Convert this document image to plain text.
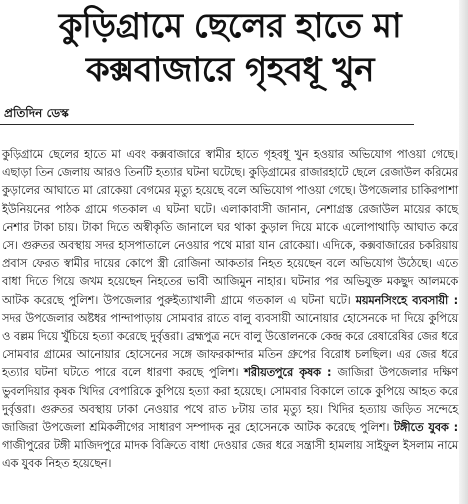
কুড়িগ্রামে ছেলের হাতে মা
কক্সবাজারে গৃহবধূ খুন
প্রতিদিন ডেস্ক
কুড়িগ্রামে ছেলের হাতে মা এবং কক্সবাজারে স্বামীর হাতে গৃহবধূ খুন হওয়ার অভিযোগ পাওয়া গেছে। এছাড়া তিন জেলায় আরও তিনটি হত্যার ঘটনা ঘটেছে। কুড়িগ্রামের রাজারহাটে ছেলে রেজাউল করিমের কুড়ালের আঘাতে মা রোকেয়া বেগমের মৃত্যু হয়েছে বলে অভিযোগ পাওয়া গেছে। উপজেলার চাকিরপাশা ইউনিয়নের পাঠক গ্রামে গতকাল এ ঘটনা ঘটে। এলাকাবাসী জানান, নেশাগ্রস্ত রেজাউল মায়ের কাছে নেশার টাকা চায়। টাকা দিতে অস্বীকৃতি জানালে ঘর থাকা কুড়াল দিয়ে মাকে এলোপাথাড়ি আঘাত করে সে। গুরুতর অবস্থায় সদর হাসপাতালে নেওয়ার পথে মারা যান রোকেয়া। এদিকে, কক্সবাজারের চকরিয়ায় প্রবাস ফেরত স্বামীর দায়ের কোপে স্ত্রী রোজিনা আকতার নিহত হয়েছেন বলে অভিযোগ উঠেছে। এতে বাধা দিতে গিয়ে জখম হয়েছেন নিহতের ভাবী আজিমুন নাহার। ঘটনার পর অভিযুক্ত মকছুদ আলমকে আটক করেছে পুলিশ। উপজেলার পুরুইত্যাখালী গ্রামে গতকাল এ ঘটনা ঘটে। ময়মনসিংহে ব্যবসায়ী : সদর উপজেলার অষ্টধর পান্দাপাড়ায় সোমবার রাতে বালু ব্যবসায়ী আনোয়ার হোসেনকে দা দিয়ে কুপিয়ে ও বল্লম দিয়ে খুঁচিয়ে হত্যা করেছে দুর্বৃত্তরা। ব্রহ্মপুত্র নদে বালু উত্তোলনকে কেন্দ্র করে রেষারেষির জের ধরে সোমবার গ্রামের আনোয়ার হোসেনের সঙ্গে জাফরকান্দার মতিন গ্রুপের বিরোধ চলছিল। এর জের ধরে হত্যার ঘটনা ঘটতে পারে বলে ধারণা করছে পুলিশ। শরীয়তপুরে কৃষক : জাজিরা উপজেলার দক্ষিণ ভুবলদিয়ার কৃষক খিদির বেপারিকে কুপিয়ে হত্যা করা হয়েছে। সোমবার বিকালে তাকে কুপিয়ে আহত করে দুর্বৃত্তরা। গুরুতর অবস্থায় ঢাকা নেওয়ার পথে রাত ৮টায় তার মৃত্যু হয়। খিদির হত্যায় জড়িত সন্দেহে জাজিরা উপজেলা শ্রমিকলীগের সাধারণ সম্পাদক নুর হোসেনকে আটক করেছে পুলিশ। টঙ্গীতে যুবক : গাজীপুরের টঙ্গী মাজিদপুরে মাদক বিক্রিতে বাধা দেওয়ার জের ধরে সন্ত্রাসী হামলায় সাইফুল ইসলাম নামে এক যুবক নিহত হয়েছেন।
